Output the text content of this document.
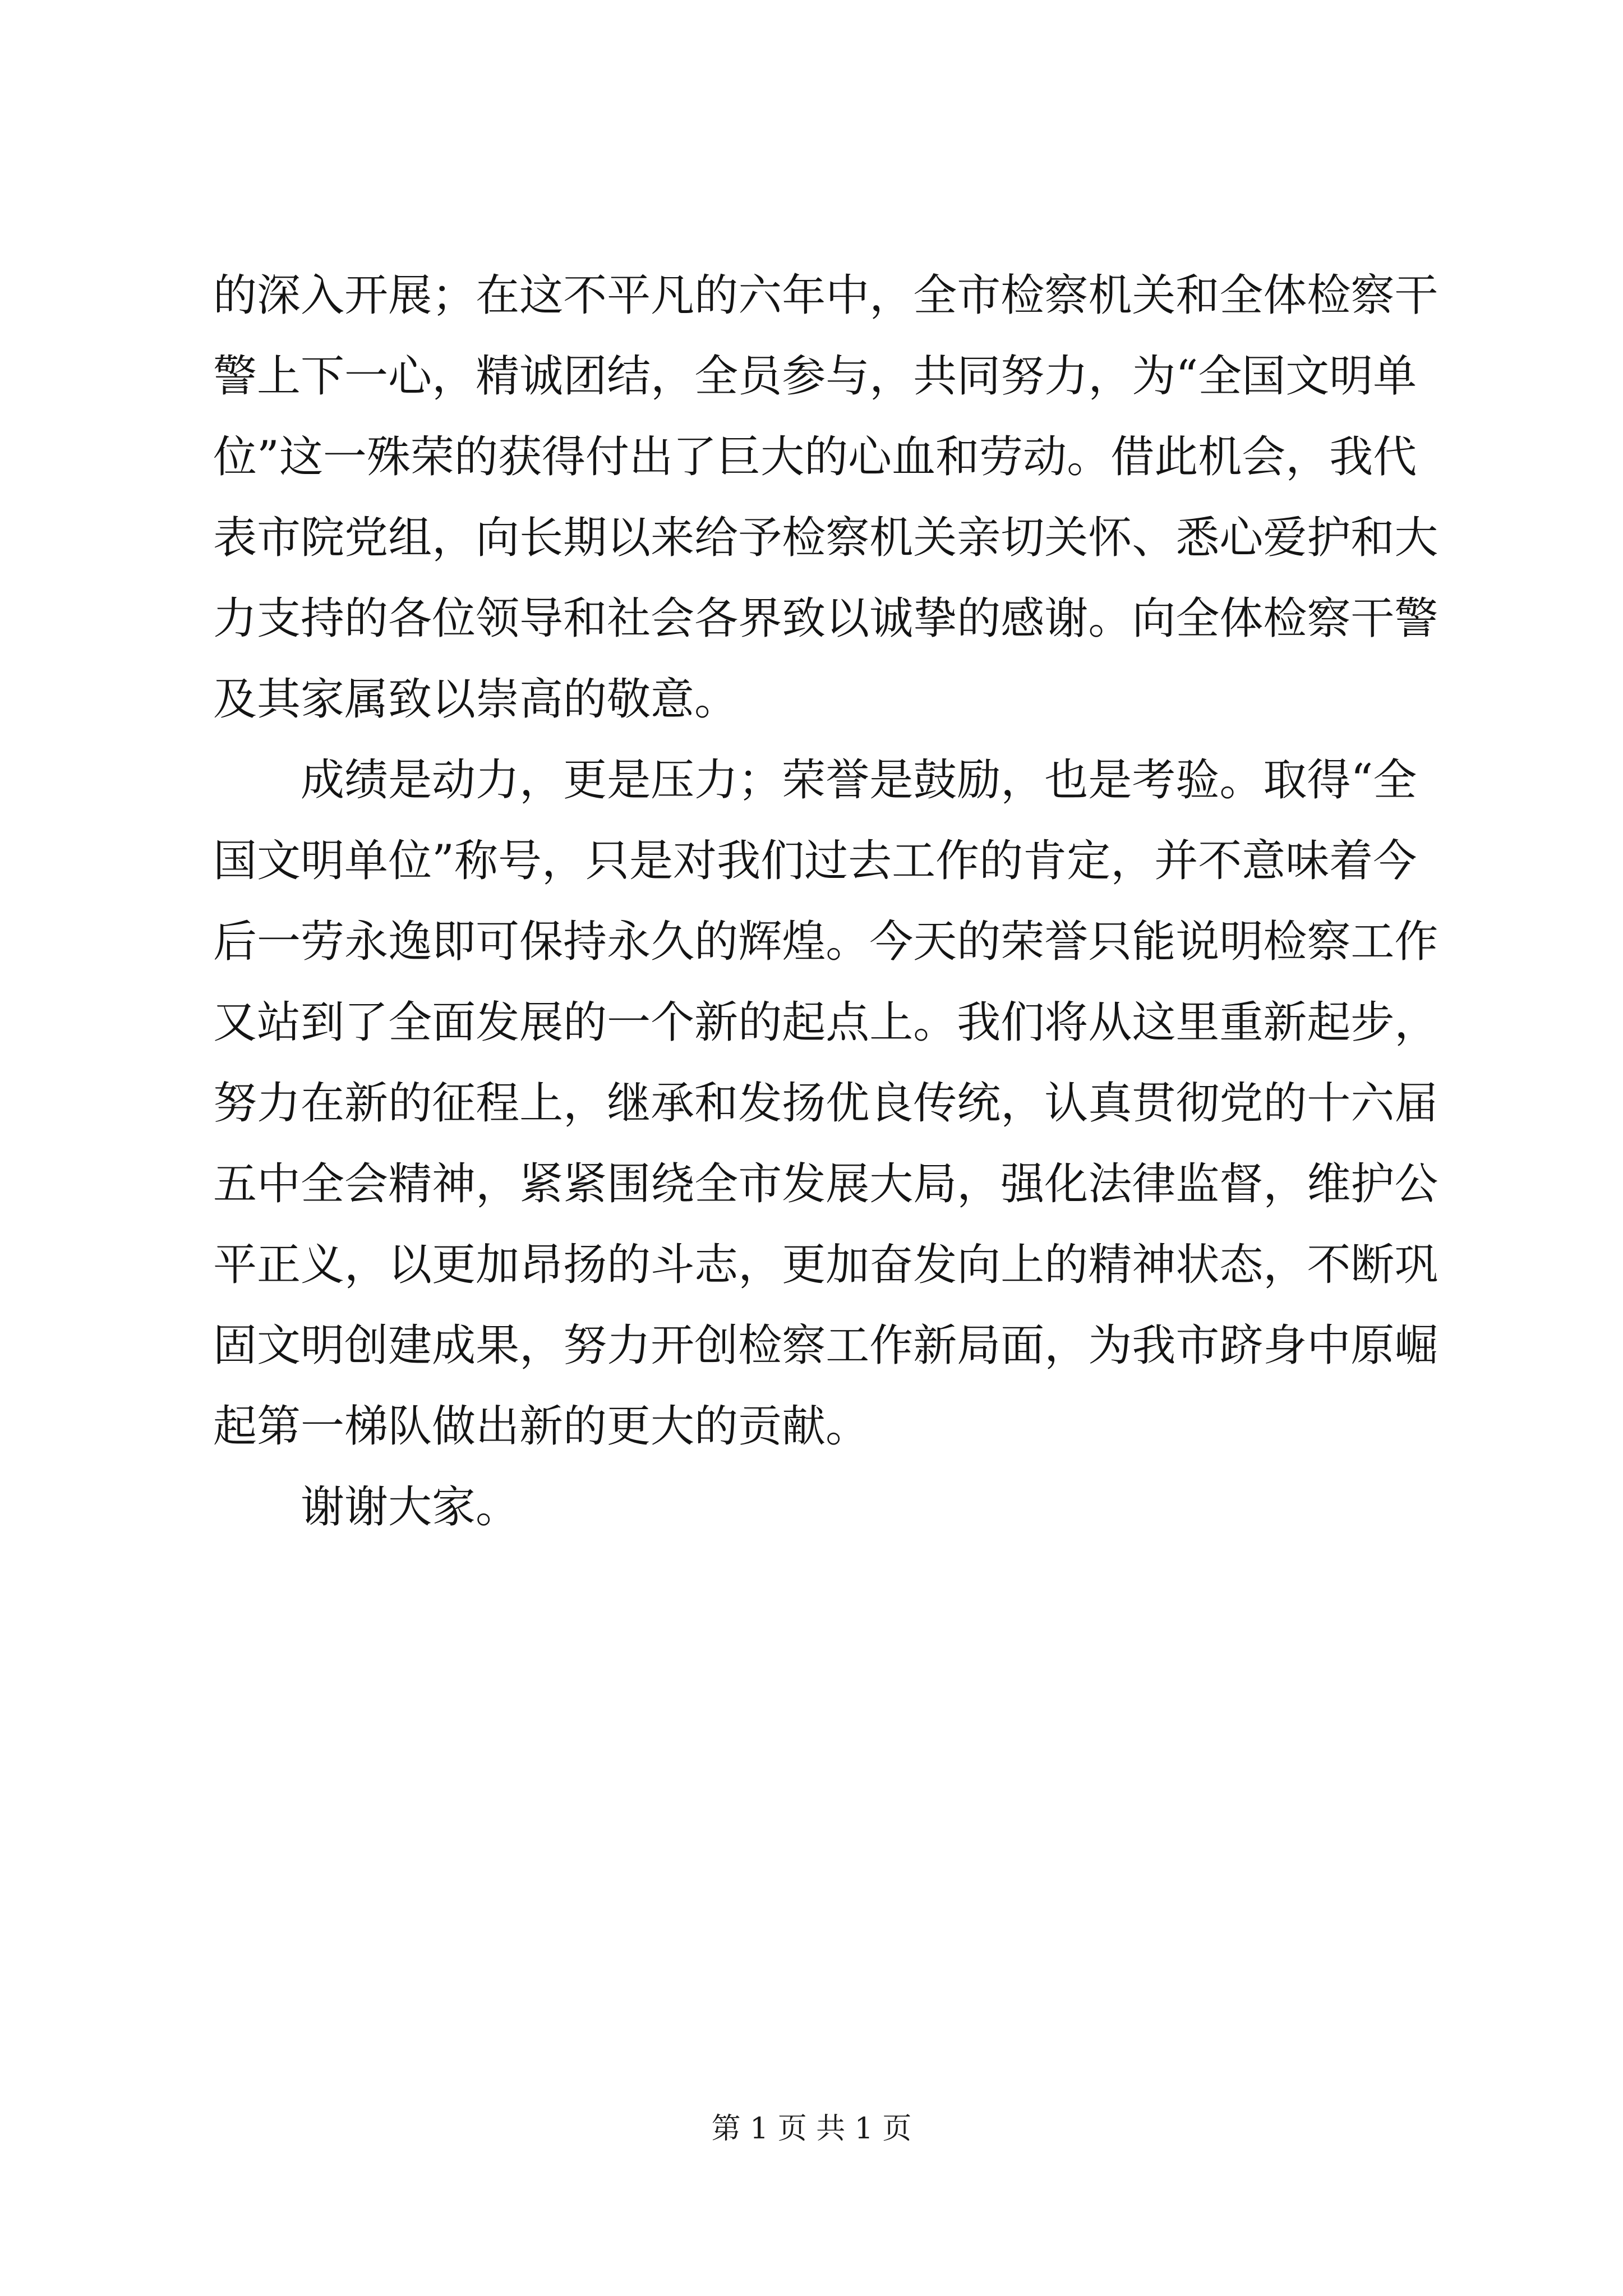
的 深 入 开 展 ； 在 这 不 平 凡 的 六 年 中 ， 全 市 检 察 机 关 和 全 体 检 察 干
警 上 下 一 心 ， 精 诚 团 结 ， 全 员 参 与 ， 共 同 努 力 ， 为 “ 全 国 文 明 单
位 ” 这 一 殊 荣 的 获 得 付 出 了 巨 大 的 心 血 和 劳 动 。 借 此 机 会 ， 我 代
表 市 院 党 组 ， 向 长 期 以 来 给 予 检 察 机 关 亲 切 关 怀 、 悉 心 爱 护 和 大
力 支 持 的 各 位 领 导 和 社 会 各 界 致 以 诚 挚 的 感 谢 。 向 全 体 检 察 干 警
及其家属致以崇高的敬意。
成 绩 是 动 力 ， 更 是 压 力 ； 荣 誉 是 鼓 励 ， 也 是 考 验 。 取 得 “ 全
国 文 明 单 位 ” 称 号 ， 只 是 对 我 们 过 去 工 作 的 肯 定 ， 并 不 意 味 着 今
后 一 劳 永 逸 即 可 保 持 永 久 的 辉 煌 。 今 天 的 荣 誉 只 能 说 明 检 察 工 作
又 站 到 了 全 面 发 展 的 一 个 新 的 起 点 上 。 我 们 将 从 这 里 重 新 起 步 ，
努 力 在 新 的 征 程 上 ， 继 承 和 发 扬 优 良 传 统 ， 认 真 贯 彻 党 的 十 六 届
五 中 全 会 精 神 ， 紧 紧 围 绕 全 市 发 展 大 局 ， 强 化 法 律 监 督 ， 维 护 公
平 正 义 ， 以 更 加 昂 扬 的 斗 志 ， 更 加 奋 发 向 上 的 精 神 状 态 ， 不 断 巩
固 文 明 创 建 成 果 ， 努 力 开 创 检 察 工 作 新 局 面 ， 为 我 市 跻 身 中 原 崛
起第一梯队做出新的更大的贡献。
谢谢大家。
第 1 页 共 1 页
